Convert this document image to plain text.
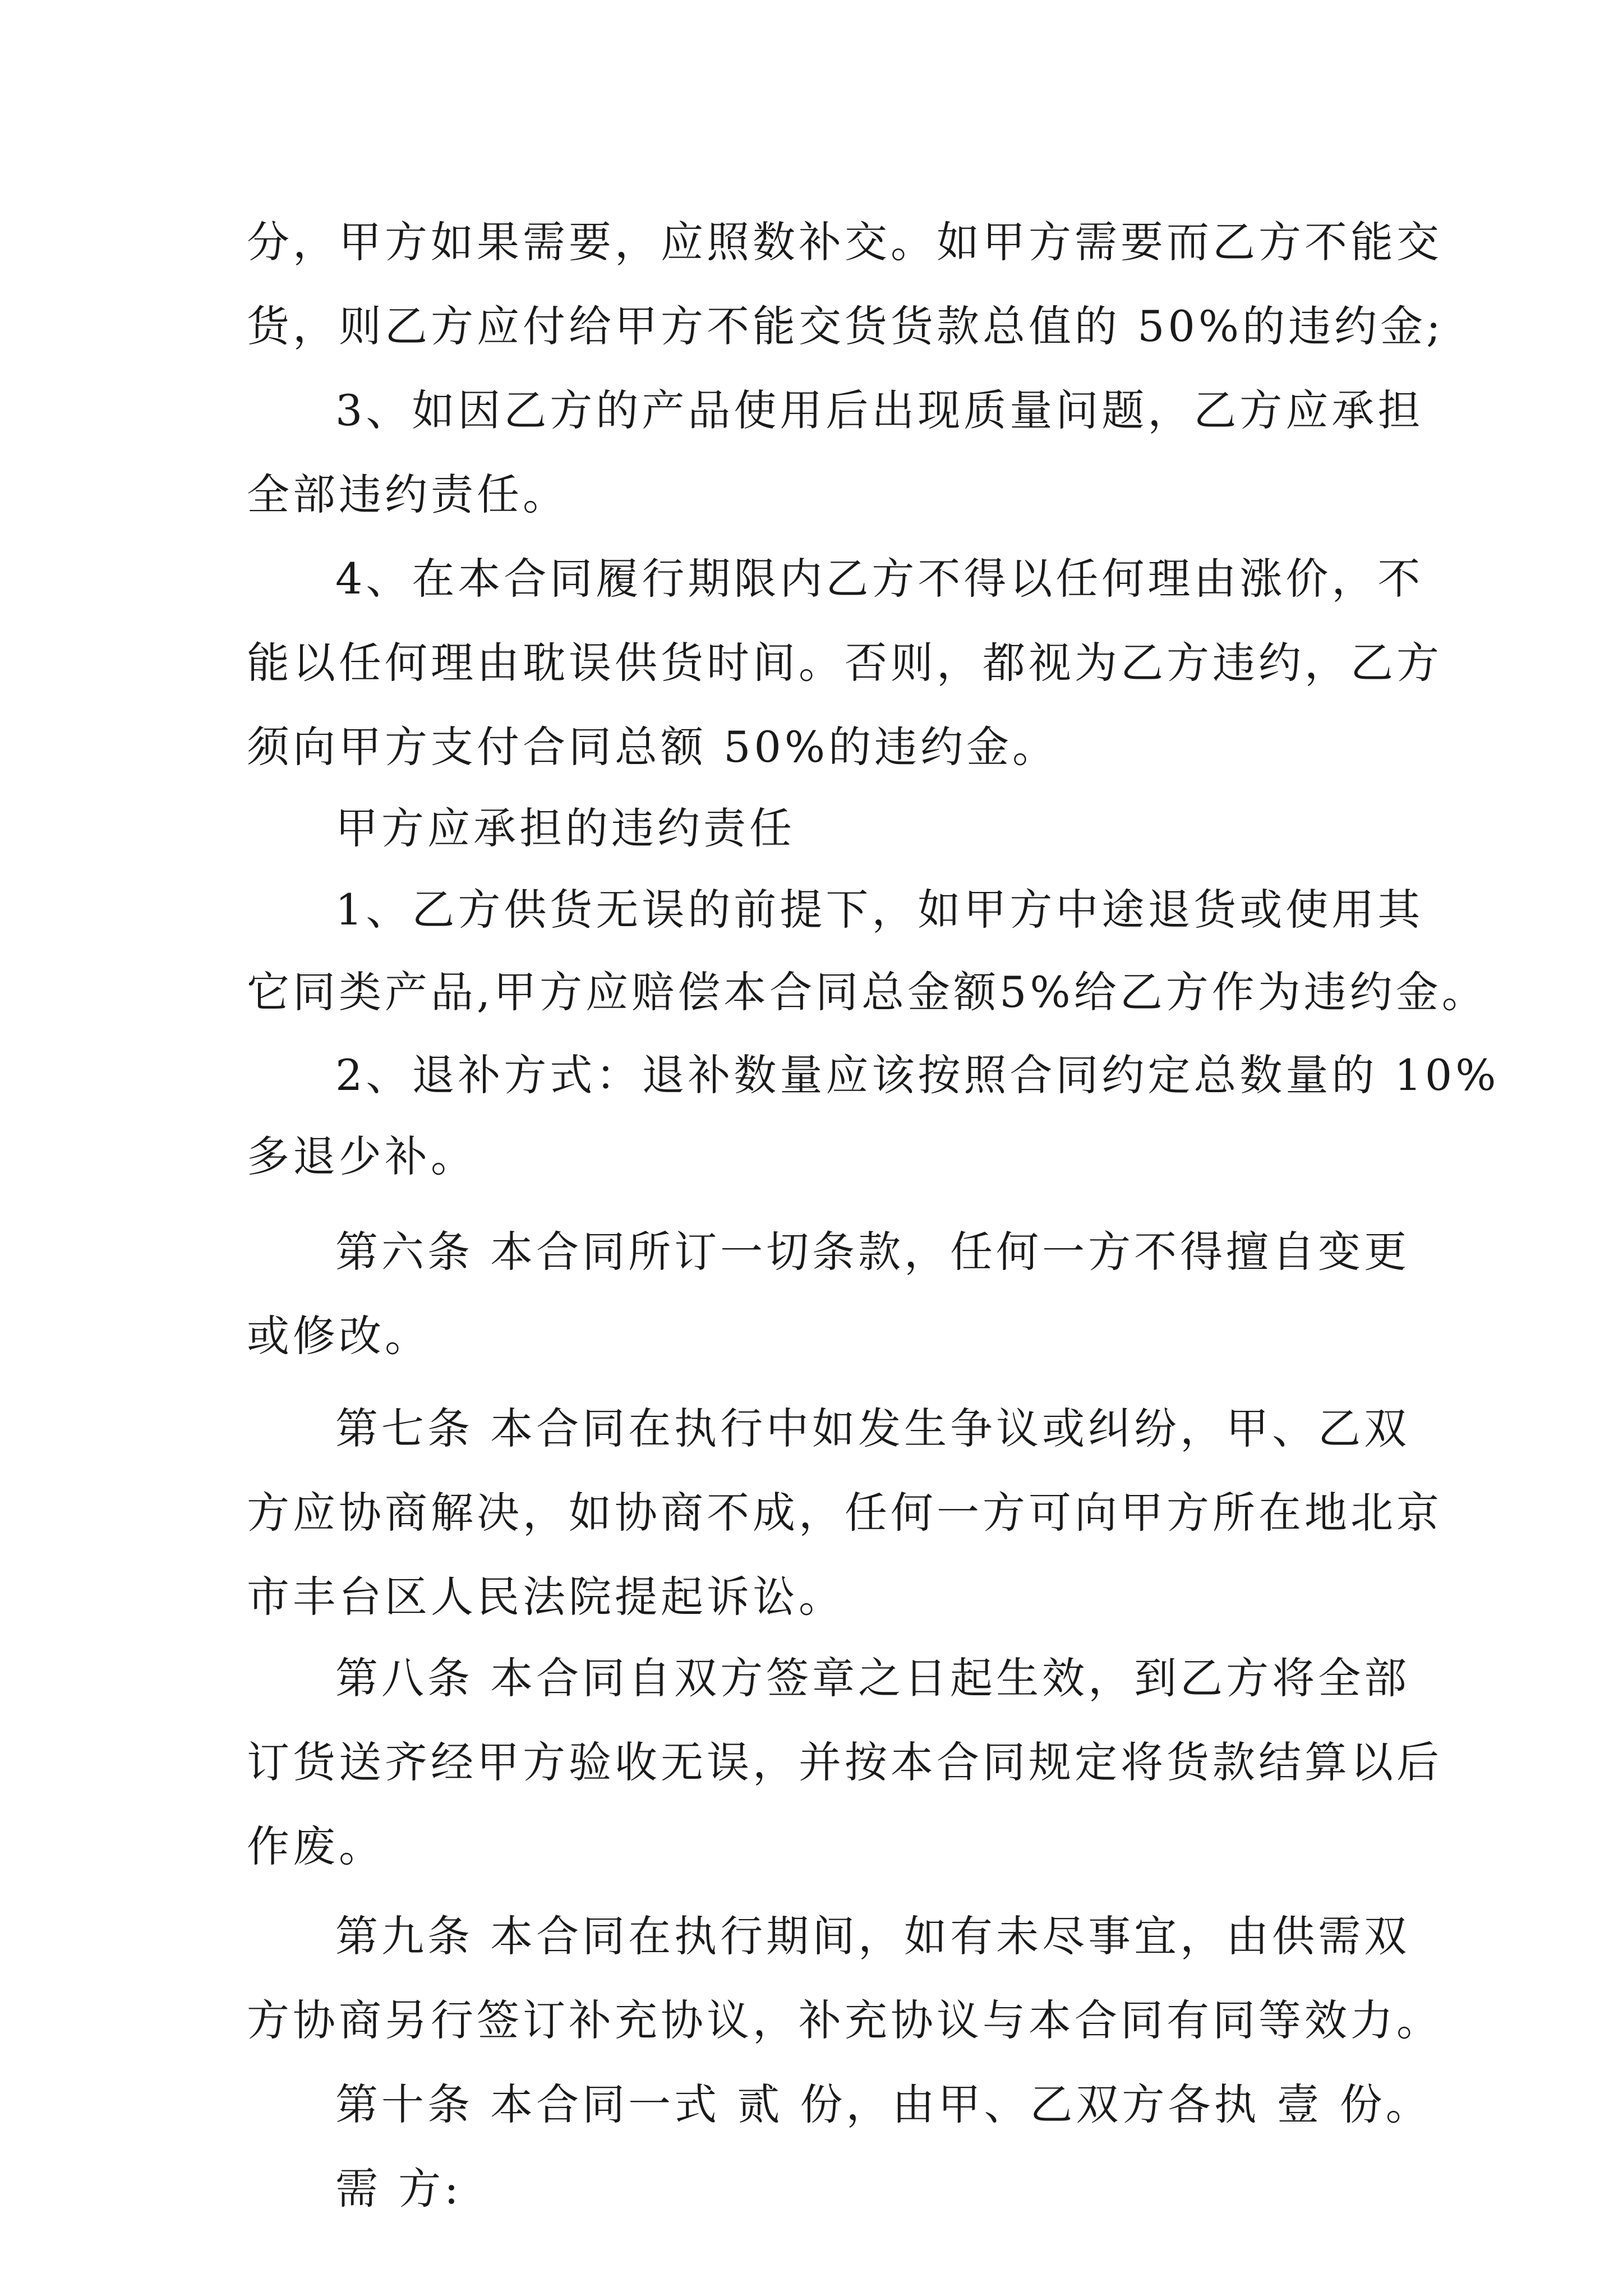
分，甲方如果需要，应照数补交。如甲方需要而乙方不能交
货，则乙方应付给甲方不能交货货款总值的 50%的违约金;
3、如因乙方的产品使用后出现质量问题，乙方应承担
全部违约责任。
4、在本合同履行期限内乙方不得以任何理由涨价，不
能以任何理由耽误供货时间。否则，都视为乙方违约，乙方
须向甲方支付合同总额 50%的违约金。
甲方应承担的违约责任
1、乙方供货无误的前提下，如甲方中途退货或使用其
它同类产品,甲方应赔偿本合同总金额5%给乙方作为违约金。
2、退补方式：退补数量应该按照合同约定总数量的 10%
多退少补。
第六条 本合同所订一切条款，任何一方不得擅自变更
或修改。
第七条 本合同在执行中如发生争议或纠纷，甲、乙双
方应协商解决，如协商不成，任何一方可向甲方所在地北京
市丰台区人民法院提起诉讼。
第八条 本合同自双方签章之日起生效，到乙方将全部
订货送齐经甲方验收无误，并按本合同规定将货款结算以后
作废。
第九条 本合同在执行期间，如有未尽事宜，由供需双
方协商另行签订补充协议，补充协议与本合同有同等效力。
第十条 本合同一式 贰 份，由甲、乙双方各执 壹 份。
需 方:
